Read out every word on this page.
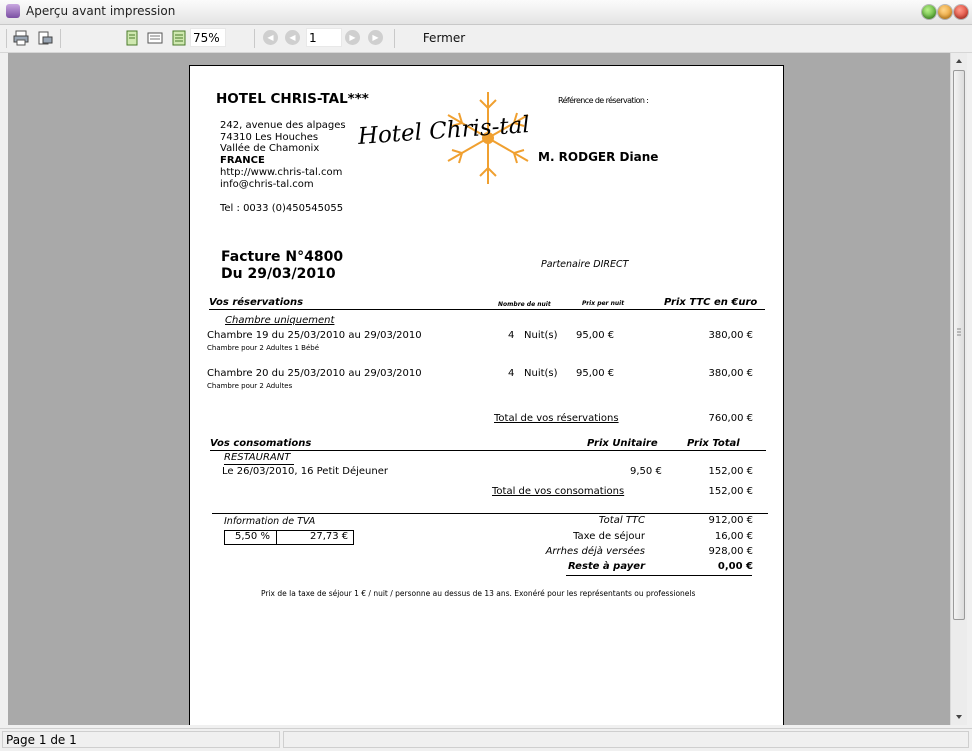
Aperçu avant impression
75%	◀	◀	1	▶	▶	Fermer
HOTEL CHRIS-TAL***
242, avenue des alpages
74310 Les Houches
Vallée de Chamonix
FRANCE
http://www.chris-tal.com
info@chris-tal.com
Tel : 0033 (0)450545055
Hotel Chris-tal
Référence de réservation :
M. RODGER Diane
Facture N°4800
Du 29/03/2010
Partenaire DIRECT
Vos réservations	Nombre de nuit	Prix per nuit	Prix TTC en €uro
Chambre uniquement
Chambre 19 du 25/03/2010 au 29/03/2010
Chambre pour 2 Adultes 1 Bébé
4 Nuit(s) 95,00 €	380,00 €
Chambre 20 du 25/03/2010 au 29/03/2010
Chambre pour 2 Adultes
4 Nuit(s) 95,00 €	380,00 €
Total de vos réservations	760,00 €
Vos consomations	Prix Unitaire	Prix Total
RESTAURANT
Le 26/03/2010, 16 Petit Déjeuner	9,50 €	152,00 €
Total de vos consomations	152,00 €
Information de TVA
5,50 %	27,73 €
Total TTC	912,00 €
Taxe de séjour	16,00 €
Arrhes déjà versées	928,00 €
Reste à payer	0,00 €
Prix de la taxe de séjour 1 € / nuit / personne au dessus de 13 ans. Exonéré pour les représentants ou professionels
Page 1 de 1
